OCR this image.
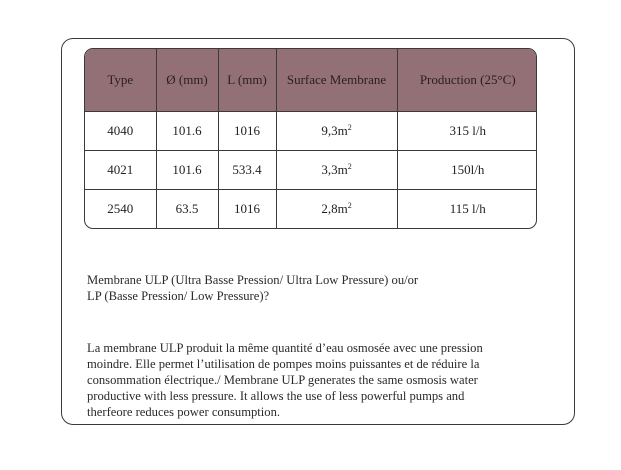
Type	Ø (mm)	L (mm)	Surface Membrane	Production (25°C)
4040	101.6	1016	$9,3m^2$	315 l/h
4021	101.6	533.4	$3,3m^2$	150l/h
2540	63.5	1016	$2,8m^2$	115 l/h
Membrane ULP (Ultra Basse Pression/ Ultra Low Pressure) ou/or
LP (Basse Pression/ Low Pressure)?
La membrane ULP produit la même quantité d’eau osmosée avec une pression
moindre. Elle permet l’utilisation de pompes moins puissantes et de réduire la
consommation électrique./ Membrane ULP generates the same osmosis water
productive with less pressure. It allows the use of less powerful pumps and
therfeore reduces power consumption.
